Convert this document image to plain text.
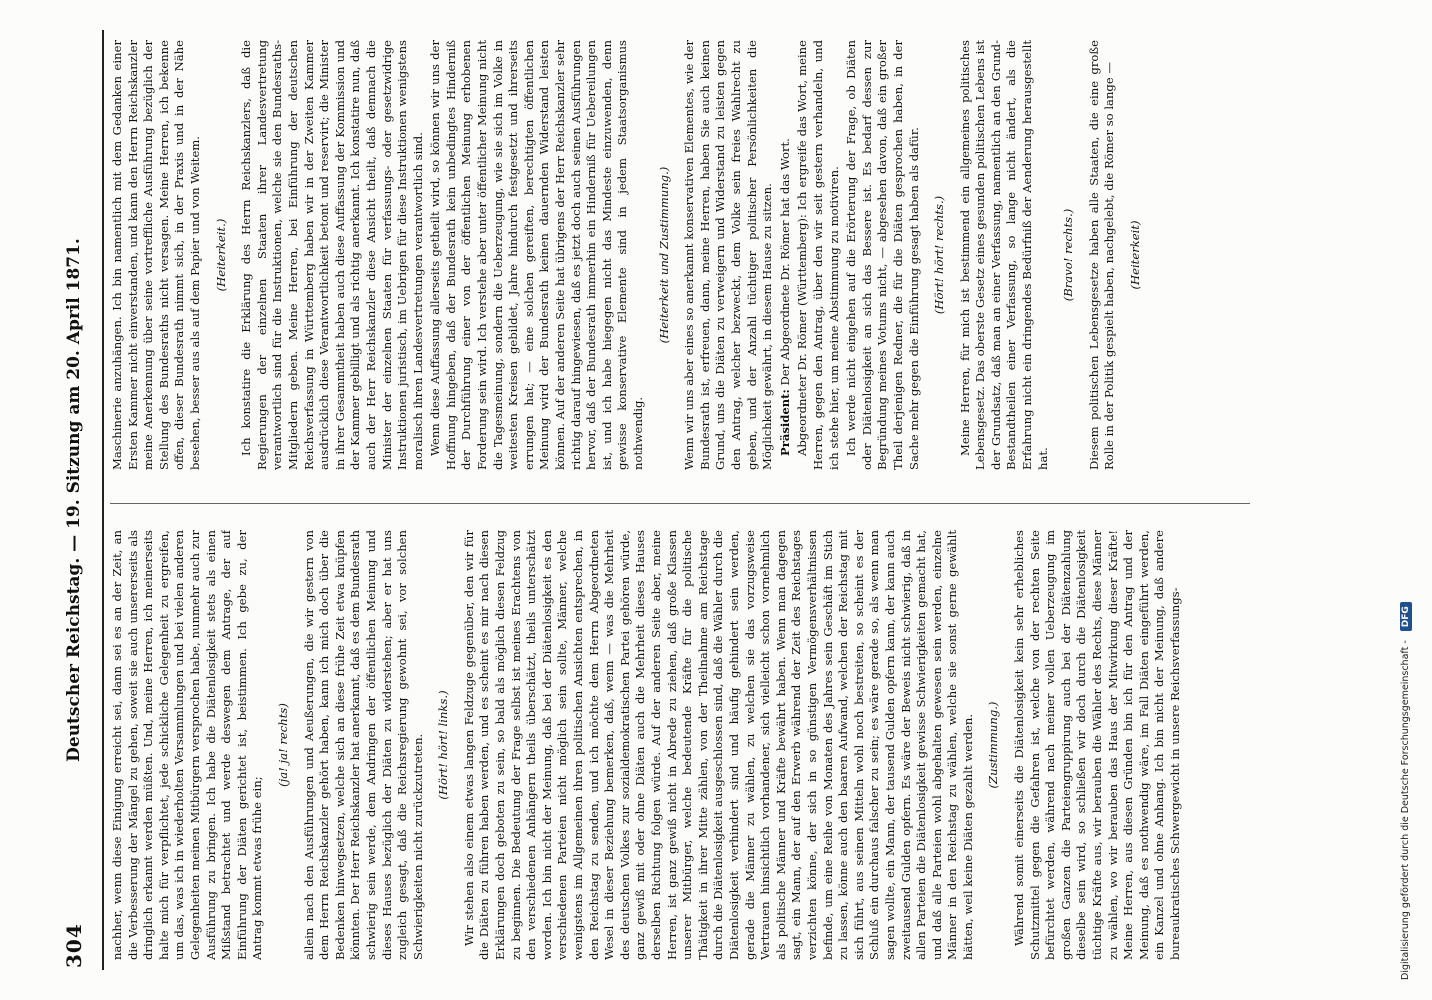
304
Deutscher Reichstag. — 19. Sitzung am 20. April 1871. nachher, wenn diese Einigung erreicht sei, dann sei es an der Zeit, an die Verbesserung der Mängel zu gehen, soweit sie auch unsererseits als dringlich erkannt werden müßten. Und, meine Herren, ich meinerseits halte mich für verpflichtet, jede schickliche Gelegenheit zu ergreifen, um das, was ich in wiederholten Versammlungen und bei vielen anderen Gelegenheiten meinen Mitbürgern versprochen habe, nunmehr auch zur Ausführung zu bringen. Ich habe die Diätenlosigkeit stets als einen Mißstand betrachtet und werde deswegen dem Antrage, der auf Einführung der Diäten gerichtet ist, beistimmen. Ich gebe zu, der Antrag kommt etwas frühe ein;

(ja! ja! rechts) allein nach den Ausführungen und Aeußerungen, die wir gestern von dem Herrn Reichskanzler gehört haben, kann ich mich doch über die Bedenken hinwegsetzen, welche sich an diese frühe Zeit etwa knüpfen könnten. Der Herr Reichskanzler hat anerkannt, daß es dem Bundesrath schwierig sein werde, dem Andringen der öffentlichen Meinung und dieses Hauses bezüglich der Diäten zu widerstehen; aber er hat uns zugleich gesagt, daß die Reichsregierung gewohnt sei, vor solchen Schwierigkeiten nicht zurückzutreten. (Hört! hört! links.) Wir stehen also einem etwas langen Feldzuge gegenüber, den wir für die Diäten zu führen haben werden, und es scheint es mir nach diesen Erklärungen doch geboten zu sein, so bald als möglich diesen Feldzug zu beginnen. Die Bedeutung der Frage selbst ist meines Erachtens von den verschiedenen Anhängern theils überschätzt, theils unterschätzt worden. Ich bin nicht der Meinung, daß bei der Diätenlosigkeit es den verschiedenen Parteien nicht möglich sein sollte, Männer, welche wenigstens im Allgemeinen ihren politischen Ansichten entsprechen, in den Reichstag zu senden, und ich möchte dem Herrn Abgeordneten Wesel in dieser Beziehung bemerken, daß, wenn — was die Mehrheit des deutschen Volkes zur sozialdemokratischen Partei gehören würde, ganz gewiß mit oder ohne Diäten auch die Mehrheit dieses Hauses derselben Richtung folgen würde. Auf der anderen Seite aber, meine Herren, ist ganz gewiß nicht in Abrede zu ziehen, daß große Klassen unserer Mitbürger, welche bedeutende Kräfte für die politische Thätigkeit in ihrer Mitte zählen, von der Theilnahme am Reichstage durch die Diätenlosigkeit ausgeschlossen sind, daß die Wähler durch die Diätenlosigkeit verhindert sind und häufig gehindert sein werden, gerade die Männer zu wählen, zu welchen sie das vorzugsweise Vertrauen hinsichtlich vorhandener, sich vielleicht schon vornehmlich als politische Männer und Kräfte bewährt haben. Wenn man dagegen sagt, ein Mann, der auf den Erwerb während der Zeit des Reichstages verzichten könne, der sich in so günstigen Vermögensverhältnissen befinde, um eine Reihe von Monaten des Jahres sein Geschäft im Stich zu lassen, könne auch den baaren Aufwand, welchen der Reichstag mit sich führt, aus seinen Mitteln wohl noch bestreiten, so scheint es der Schluß ein durchaus falscher zu sein; es wäre gerade so, als wenn man sagen wollte, ein Mann, der tausend Gulden opfern kann, der kann auch zweitausend Gulden opfern. Es wäre der Beweis nicht schwierig, daß in allen Parteien die Diätenlosigkeit gewisse Schwierigkeiten gemacht hat, und daß alle Parteien wohl abgehalten gewesen sein werden, einzelne Männer in den Reichstag zu wählen, welche sie sonst gerne gewählt hätten, weil keine Diäten gezahlt werden. (Zustimmung.) Während somit einerseits die Diätenlosigkeit kein sehr erhebliches Schutzmittel gegen die Gefahren ist, welche von der rechten Seite befürchtet werden, während nach meiner vollen Ueberzeugung im großen Ganzen die Parteiengruppirung auch bei der Diätenzahlung dieselbe sein wird, so schließen wir doch durch die Diätenlosigkeit tüchtige Kräfte aus, wir berauben die Wähler des Rechts, diese Männer zu wählen, wo wir berauben das Haus der Mitwirkung dieser Kräfte! Meine Herren, aus diesen Gründen bin ich für den Antrag und der Meinung, daß es nothwendig wäre, im Fall Diäten eingeführt werden, ein Kanzel und ohne Anhang. Ich bin nicht der Meinung, daß andere bureaukratisches Schwergewicht in unsere Reichsverfassungs-

Maschinerie anzuhängen. Ich bin namentlich mit dem Gedanken einer Ersten Kammer nicht einverstanden, und kann den Herrn Reichskanzler meine Anerkennung über seine vortreffliche Ausführung bezüglich der Stellung des Bundesraths nicht versagen. Meine Herren, ich bekenne offen, dieser Bundesrath nimmt sich, in der Praxis und in der Nähe besehen, besser aus als auf dem Papier und von Weitem. (Heiterkeit.) Ich konstatire die Erklärung des Herrn Reichskanzlers, daß die Regierungen der einzelnen Staaten ihrer Landesvertretung verantwortlich sind für die Instruktionen, welche sie den Bundesraths-Mitgliedern geben. Meine Herren, bei Einführung der deutschen Reichsverfassung in Württemberg haben wir in der Zweiten Kammer ausdrücklich diese Verantwortlichkeit betont und reservirt; die Minister in ihrer Gesammtheit haben auch diese Auffassung der Kommission und der Kammer gebilligt und als richtig anerkannt. Ich konstatire nun, daß auch der Herr Reichskanzler diese Ansicht theilt, daß demnach die Minister der einzelnen Staaten für verfassungs- oder gesetzwidrige Instruktionen juristisch, im Uebrigen für diese Instruktionen wenigstens moralisch ihren Landesvertretungen verantwortlich sind. Wenn diese Auffassung allerseits getheilt wird, so können wir uns der Hoffnung hingeben, daß der Bundesrath kein unbedingtes Hinderniß der Durchführung einer von der öffentlichen Meinung erhobenen Forderung sein wird. Ich verstehe aber unter öffentlicher Meinung nicht die Tagesmeinung, sondern die Ueberzeugung, wie sie sich im Volke in weitesten Kreisen gebildet, Jahre hindurch festgesetzt und ihrerseits errungen hat; — eine solchen gereiften, berechtigten öffentlichen Meinung wird der Bundesrath keinen dauernden Widerstand leisten können. Auf der anderen Seite hat übrigens der Herr Reichskanzler sehr richtig darauf hingewiesen, daß es jetzt doch auch seinen Ausführungen hervor, daß der Bundesrath immerhin ein Hinderniß für Uebereilungen ist, und ich habe hiegegen nicht das Mindeste einzuwenden, denn gewisse konservative Elemente sind in jedem Staatsorganismus nothwendig.

(Heiterkeit und Zustimmung.) Wenn wir uns aber eines so anerkannt konservativen Elementes, wie der Bundesrath ist, erfreuen, dann, meine Herren, haben Sie auch keinen Grund, uns die Diäten zu verweigern und Widerstand zu leisten gegen den Antrag, welcher bezweckt, dem Volke sein freies Wahlrecht zu geben, und der Anzahl tüchtiger politischer Persönlichkeiten die Möglichkeit gewährt, in diesem Hause zu sitzen. Präsident: Der Abgeordnete Dr. Römer hat das Wort. Abgeordneter Dr. Römer (Württemberg): Ich ergreife das Wort, meine Herren, gegen den Antrag, über den wir seit gestern verhandeln, und ich stehe hier, um meine Abstimmung zu motiviren. Ich werde nicht eingehen auf die Erörterung der Frage, ob Diäten oder Diätenlosigkeit an sich das Bessere ist. Es bedarf dessen zur Begründung meines Votums nicht, — abgesehen davon, daß ein großer Theil derjenigen Redner, die für die Diäten gesprochen haben, in der Sache mehr gegen die Einführung gesagt haben als dafür. (Hört! hört! rechts.) Meine Herren, für mich ist bestimmend ein allgemeines politisches Lebensgesetz. Das oberste Gesetz eines gesunden politischen Lebens ist der Grundsatz, daß man an einer Verfassung, namentlich an den Grund-Bestandtheilen einer Verfassung, so lange nicht ändert, als die Erfahrung nicht ein dringendes Bedürfniß der Aenderung herausgestellt hat.

(Bravo! rechts.) Diesem politischen Lebensgesetze haben alle Staaten, die eine große Rolle in der Politik gespielt haben, nachgelebt, die Römer so lange — (Heiterkeit)

Digitalisierung gefördert durch die Deutsche Forschungsgemeinschaft - DFG
